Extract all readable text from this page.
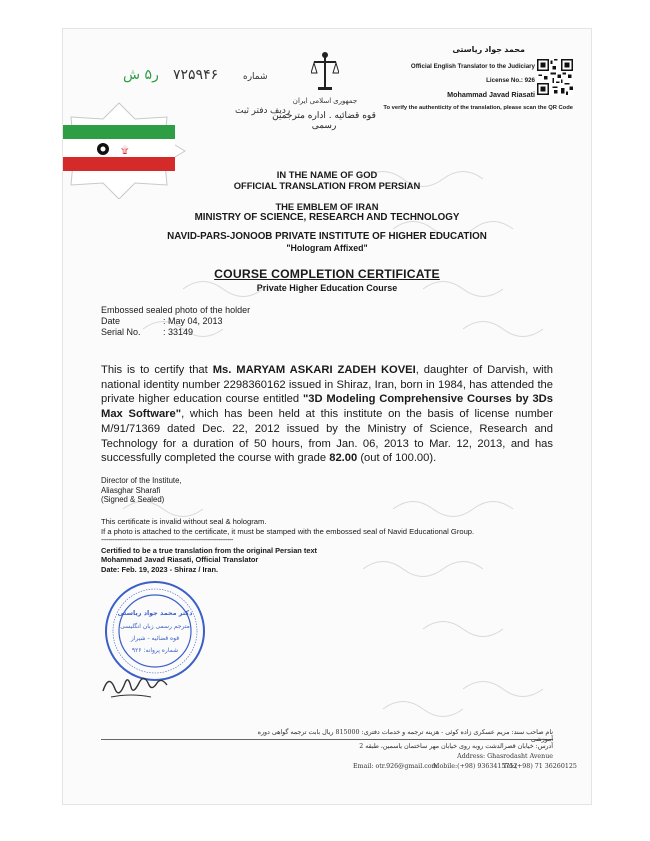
۩
ر۵ ش ۷۲۵۹۴۶	شماره
ردیف دفتر ثبت
جمهوری اسلامی ایران
قوه قضائیه . اداره مترجمین رسمی
محمد جواد ریاستی
Official English Translator to the Judiciary
License No.: 926
Mohammad Javad Riasati
To verify the authenticity of the translation, please scan the QR Code
IN THE NAME OF GOD
OFFICIAL TRANSLATION FROM PERSIAN
THE EMBLEM OF IRAN
MINISTRY OF SCIENCE, RESEARCH AND TECHNOLOGY
NAVID-PARS-JONOOB PRIVATE INSTITUTE OF HIGHER EDUCATION
"Hologram Affixed"
COURSE COMPLETION CERTIFICATE
Private Higher Education Course
Embossed sealed photo of the holder
Date	: May 04, 2013
Serial No. : 33149
This is to certify that Ms. MARYAM ASKARI ZADEH KOVEI, daughter of Darvish, with national identity number 2298360162 issued in Shiraz, Iran, born in 1984, has attended the private higher education course entitled "3D Modeling Comprehensive Courses by 3Ds Max Software", which has been held at this institute on the basis of license number M/91/71369 dated Dec. 22, 2012 issued by the Ministry of Science, Research and Technology for a duration of 50 hours, from Jan. 06, 2013 to Mar. 12, 2013, and has successfully completed the course with grade 82.00 (out of 100.00).
Director of the Institute,
Aliasghar Sharafi
(Signed & Sealed)
This certificate is invalid without seal & hologram.
If a photo is attached to the certificate, it must be stamped with the embossed seal of Navid Educational Group.
------------------------------------------------------------------------
Certified to be a true translation from the original Persian text
Mohammad Javad Riasati, Official Translator
Date: Feb. 19, 2023 - Shiraz / Iran.
دکتر محمد جواد ریاستی
مترجم رسمی زبان انگلیسی
قوه قضائیه - شیراز
شماره پروانه: ۹۲۶
نام صاحب سند: مریم عسکری زاده کوئی - هزینه ترجمه و خدمات دفتری: 815000 ریال بابت ترجمه گواهی دوره آموزشی
آدرس: خیابان قصرالدشت روبه روی خیابان مهر ساختمان یاسمین، طبقه 2
Address: Ghasrodasht Avenue
Email: otr.926@gmail.com
Mobile:(+98) 9363415752
Tel:(+98) 71 36260125
